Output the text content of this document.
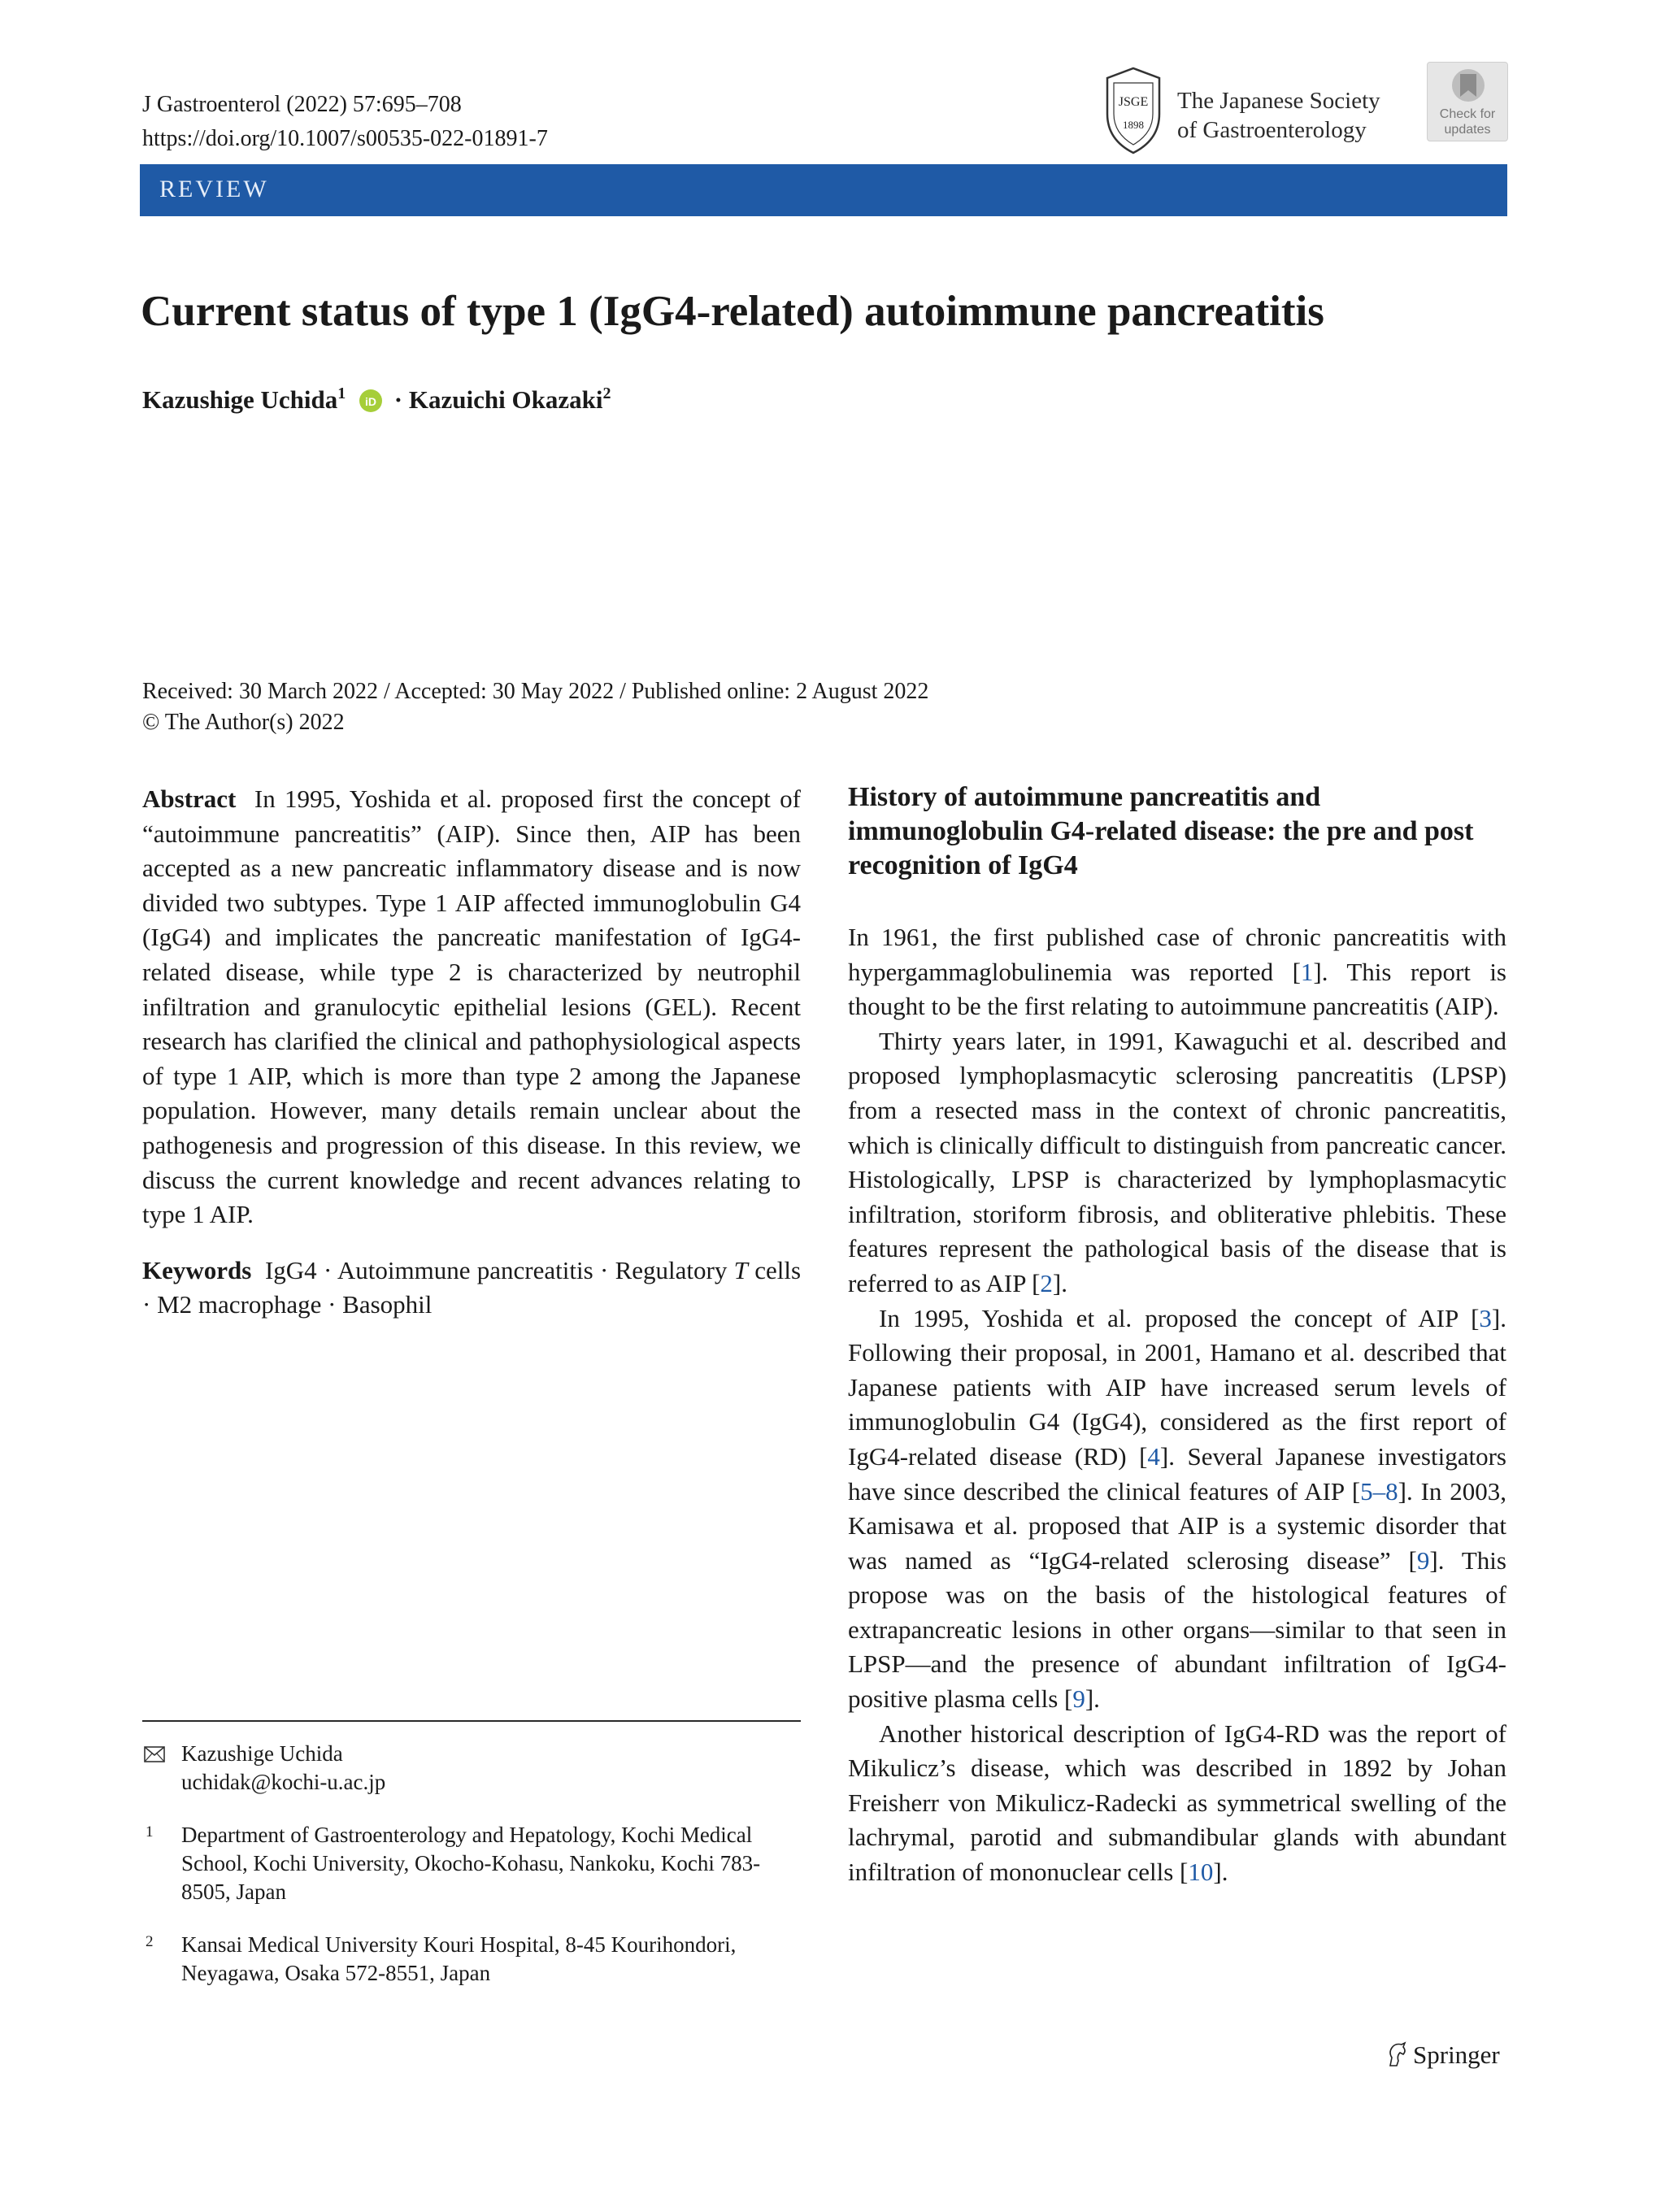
J Gastroenterol (2022) 57:695–708
https://doi.org/10.1007/s00535-022-01891-7
JSGE
1898
The Japanese Society
of Gastroenterology
Check for
updates
REVIEW
Current status of type 1 (IgG4-related) autoimmune pancreatitis
Kazushige Uchida$^1$ iD · Kazuichi Okazaki$^2$
Received: 30 March 2022 / Accepted: 30 May 2022 / Published online: 2 August 2022
© The Author(s) 2022

Abstract In 1995, Yoshida et al. proposed first the concept of “autoimmune pancreatitis” (AIP). Since then, AIP has been accepted as a new pancreatic inflammatory disease and is now divided two subtypes. Type 1 AIP affected immunoglobulin G4 (IgG4) and implicates the pancreatic manifestation of IgG4-related disease, while type 2 is characterized by neutrophil infiltration and granulocytic epithelial lesions (GEL). Recent research has clarified the clinical and pathophysiological aspects of type 1 AIP, which is more than type 2 among the Japanese population. However, many details remain unclear about the pathogenesis and progression of this disease. In this review, we discuss the current knowledge and recent advances relating to type 1 AIP.

Keywords IgG4 · Autoimmune pancreatitis · Regulatory T cells · M2 macrophage · Basophil

Kazushige Uchida
uchidak@kochi-u.ac.jp
1 Department of Gastroenterology and Hepatology, Kochi Medical School, Kochi University, Okocho-Kohasu, Nankoku, Kochi 783-8505, Japan
2 Kansai Medical University Kouri Hospital, 8-45 Kourihondori, Neyagawa, Osaka 572-8551, Japan
History of autoimmune pancreatitis and immunoglobulin G4-related disease: the pre and post recognition of IgG4

In 1961, the first published case of chronic pancreatitis with hypergammaglobulinemia was reported [1]. This report is thought to be the first relating to autoimmune pancreatitis (AIP).

Thirty years later, in 1991, Kawaguchi et al. described and proposed lymphoplasmacytic sclerosing pancreatitis (LPSP) from a resected mass in the context of chronic pancreatitis, which is clinically difficult to distinguish from pancreatic cancer. Histologically, LPSP is characterized by lymphoplasmacytic infiltration, storiform fibrosis, and obliterative phlebitis. These features represent the pathological basis of the disease that is referred to as AIP [2].

In 1995, Yoshida et al. proposed the concept of AIP [3]. Following their proposal, in 2001, Hamano et al. described that Japanese patients with AIP have increased serum levels of immunoglobulin G4 (IgG4), considered as the first report of IgG4-related disease (RD) [4]. Several Japanese investigators have since described the clinical features of AIP [5–8]. In 2003, Kamisawa et al. proposed that AIP is a systemic disorder that was named as “IgG4-related sclerosing disease” [9]. This propose was on the basis of the histological features of extrapancreatic lesions in other organs—similar to that seen in LPSP—and the presence of abundant infiltration of IgG4-positive plasma cells [9].

Another historical description of IgG4-RD was the report of Mikulicz’s disease, which was described in 1892 by Johan Freisherr von Mikulicz-Radecki as symmetrical swelling of the lachrymal, parotid and submandibular glands with abundant infiltration of mononuclear cells [10].

Springer
